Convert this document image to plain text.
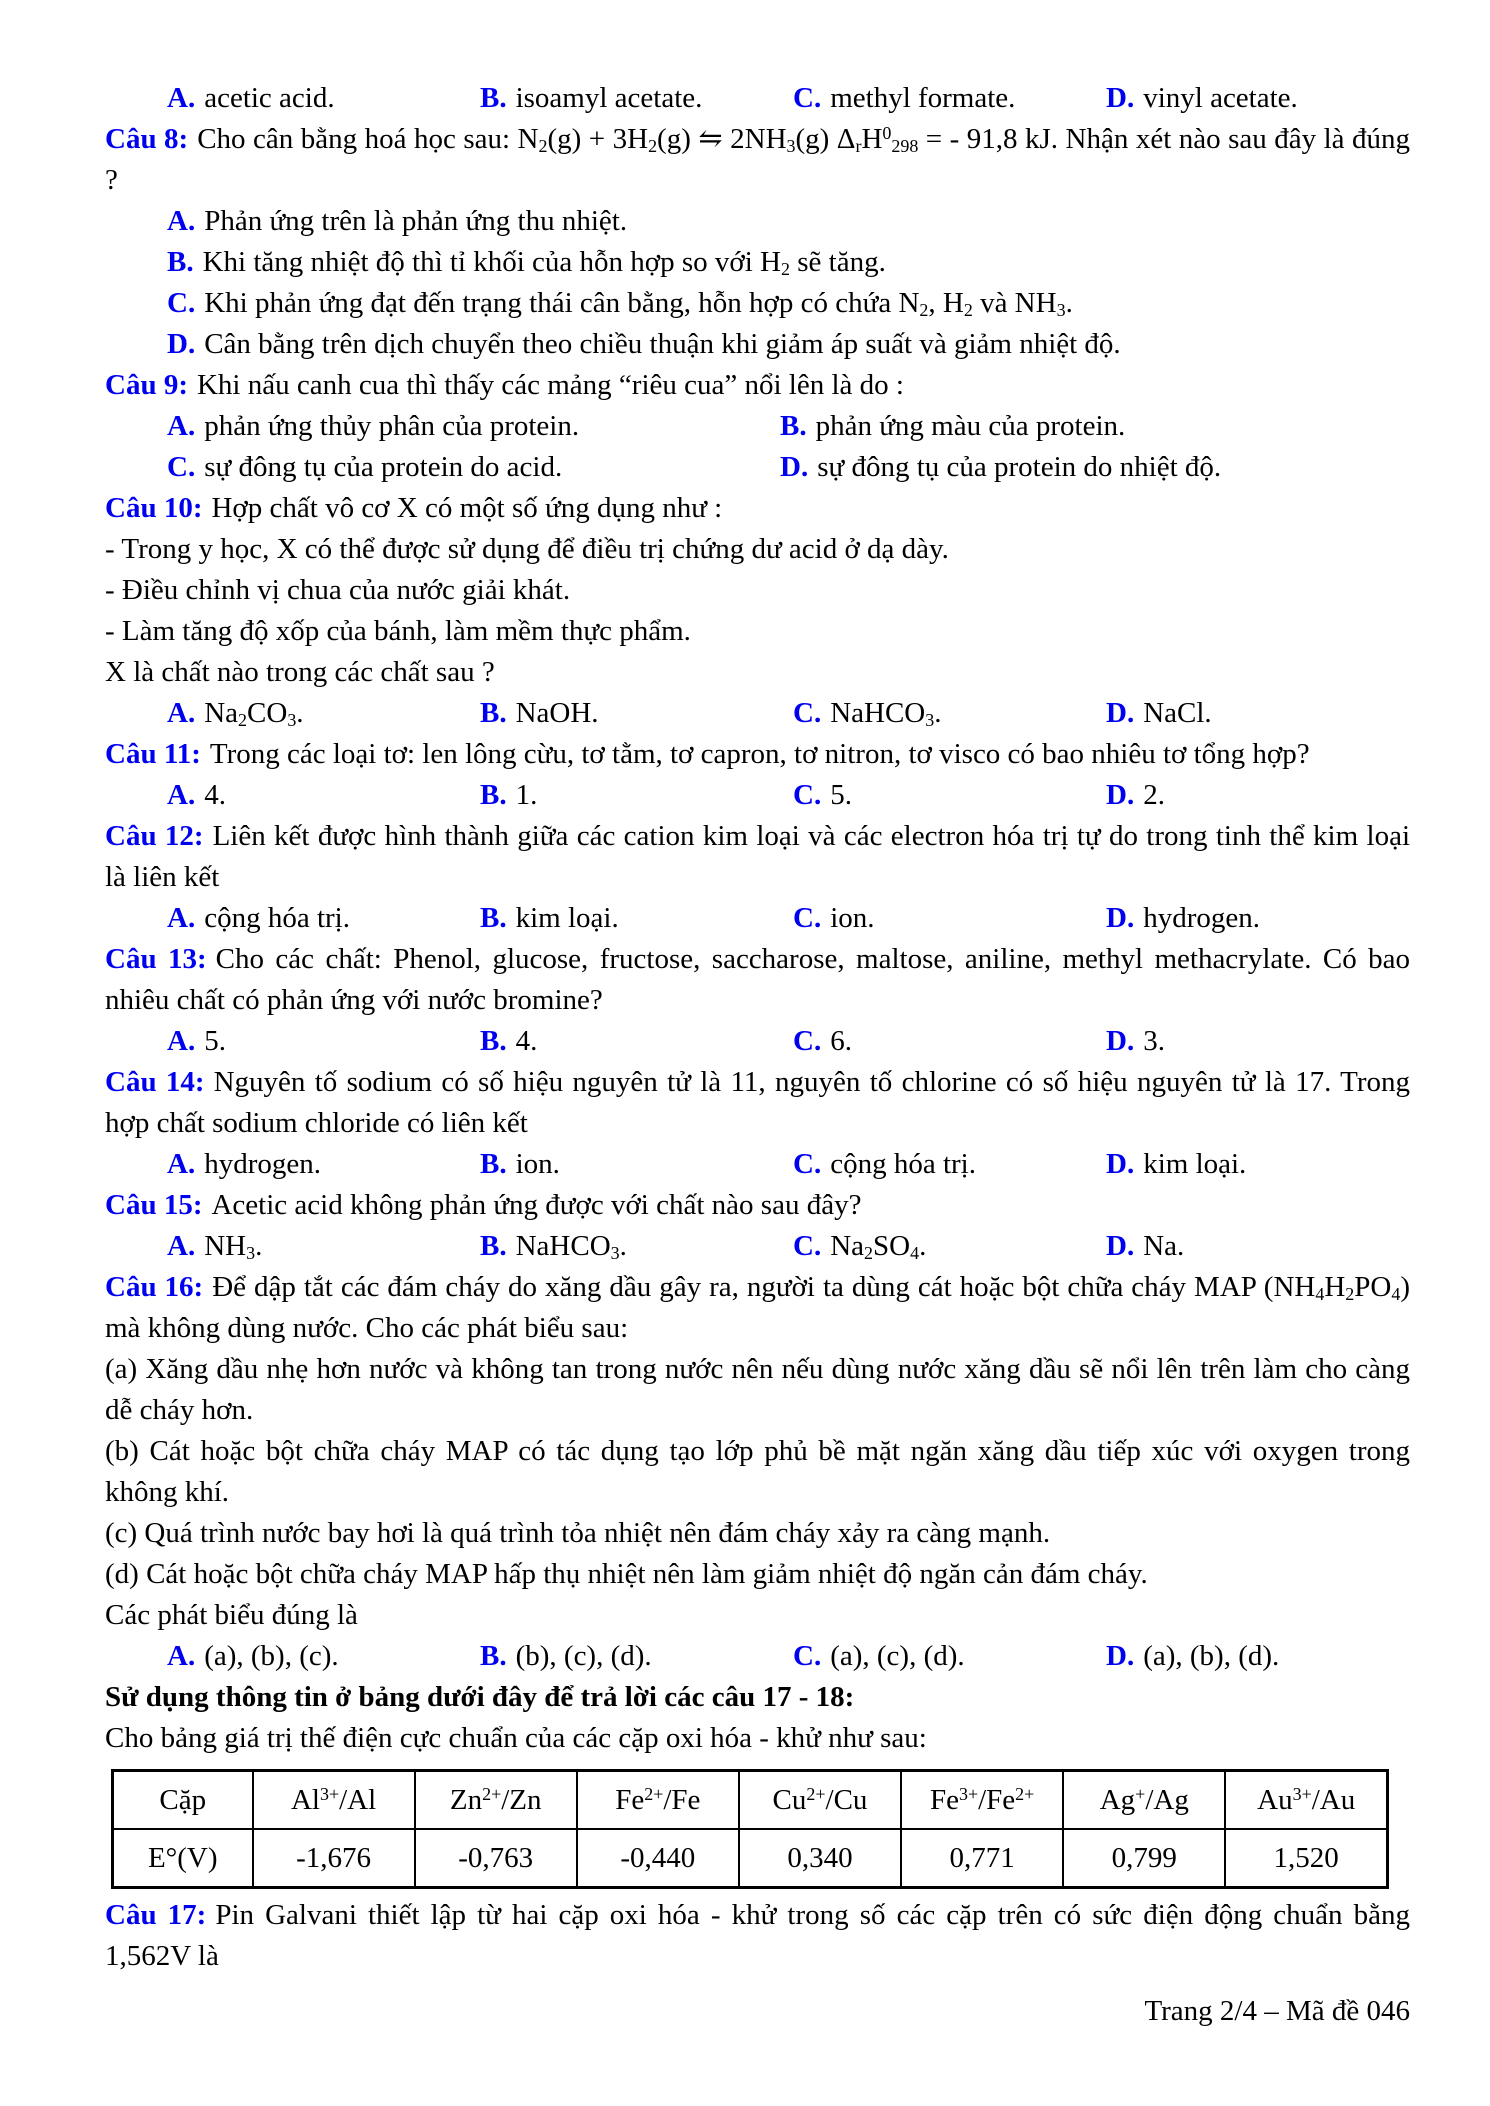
A. acetic acid.	B. isoamyl acetate.	C. methyl formate.	D. vinyl acetate.

Câu 8: Cho cân bằng hoá học sau: $N_2(g) + 3H_2(g)$ ⇋ $2NH_3(g) \Delta_rH^0_{298}$ = - 91,8 kJ. Nhận xét nào sau đây là đúng ?

A. Phản ứng trên là phản ứng thu nhiệt.
B. Khi tăng nhiệt độ thì tỉ khối của hỗn hợp so với $H_2$ sẽ tăng.
C. Khi phản ứng đạt đến trạng thái cân bằng, hỗn hợp có chứa $N_2$, $H_2$ và $NH_3$.
D. Cân bằng trên dịch chuyển theo chiều thuận khi giảm áp suất và giảm nhiệt độ.

Câu 9: Khi nấu canh cua thì thấy các mảng “riêu cua” nổi lên là do :

A. phản ứng thủy phân của protein.	B. phản ứng màu của protein.
C. sự đông tụ của protein do acid.	D. sự đông tụ của protein do nhiệt độ.

Câu 10: Hợp chất vô cơ X có một số ứng dụng như :

- Trong y học, X có thể được sử dụng để điều trị chứng dư acid ở dạ dày.

- Điều chỉnh vị chua của nước giải khát.

- Làm tăng độ xốp của bánh, làm mềm thực phẩm.

X là chất nào trong các chất sau ?

A. $Na_2CO_3$.	B. NaOH.	C. NaHCO$_3$.	D. NaCl.

Câu 11: Trong các loại tơ: len lông cừu, tơ tằm, tơ capron, tơ nitron, tơ visco có bao nhiêu tơ tổng hợp?

A. 4.	B. 1.	C. 5.	D. 2.

Câu 12: Liên kết được hình thành giữa các cation kim loại và các electron hóa trị tự do trong tinh thể kim loại là liên kết

A. cộng hóa trị.	B. kim loại.	C. ion.	D. hydrogen.

Câu 13: Cho các chất: Phenol, glucose, fructose, saccharose, maltose, aniline, methyl methacrylate. Có bao nhiêu chất có phản ứng với nước bromine?

A. 5.	B. 4.	C. 6.	D. 3.

Câu 14: Nguyên tố sodium có số hiệu nguyên tử là 11, nguyên tố chlorine có số hiệu nguyên tử là 17. Trong hợp chất sodium chloride có liên kết

A. hydrogen.	B. ion.	C. cộng hóa trị.	D. kim loại.

Câu 15: Acetic acid không phản ứng được với chất nào sau đây?

A. $NH_3$.	B. NaHCO$_3$.	C. $Na_2SO_4$.	D. Na.

Câu 16: Để dập tắt các đám cháy do xăng dầu gây ra, người ta dùng cát hoặc bột chữa cháy MAP $(NH_4H_2PO_4)$ mà không dùng nước. Cho các phát biểu sau:

(a) Xăng dầu nhẹ hơn nước và không tan trong nước nên nếu dùng nước xăng dầu sẽ nổi lên trên làm cho càng dễ cháy hơn.

(b) Cát hoặc bột chữa cháy MAP có tác dụng tạo lớp phủ bề mặt ngăn xăng dầu tiếp xúc với oxygen trong không khí.

(c) Quá trình nước bay hơi là quá trình tỏa nhiệt nên đám cháy xảy ra càng mạnh.

(d) Cát hoặc bột chữa cháy MAP hấp thụ nhiệt nên làm giảm nhiệt độ ngăn cản đám cháy.

Các phát biểu đúng là

A. (a), (b), (c).	B. (b), (c), (d).	C. (a), (c), (d).	D. (a), (b), (d).

Sử dụng thông tin ở bảng dưới đây để trả lời các câu 17 - 18:

Cho bảng giá trị thế điện cực chuẩn của các cặp oxi hóa - khử như sau:

Cặp	$Al^{3+}/Al$	$Zn^{2+}/Zn$	$Fe^{2+}/Fe$	$Cu^{2+}/Cu$	$Fe^{3+}/Fe^{2+}$	Ag+/Ag	$Au^{3+}/Au$
E°(V)	-1,676	-0,763	-0,440	0,340	0,771	0,799	1,520

Câu 17: Pin Galvani thiết lập từ hai cặp oxi hóa - khử trong số các cặp trên có sức điện động chuẩn bằng 1,562V là

Trang 2/4 – Mã đề 046
